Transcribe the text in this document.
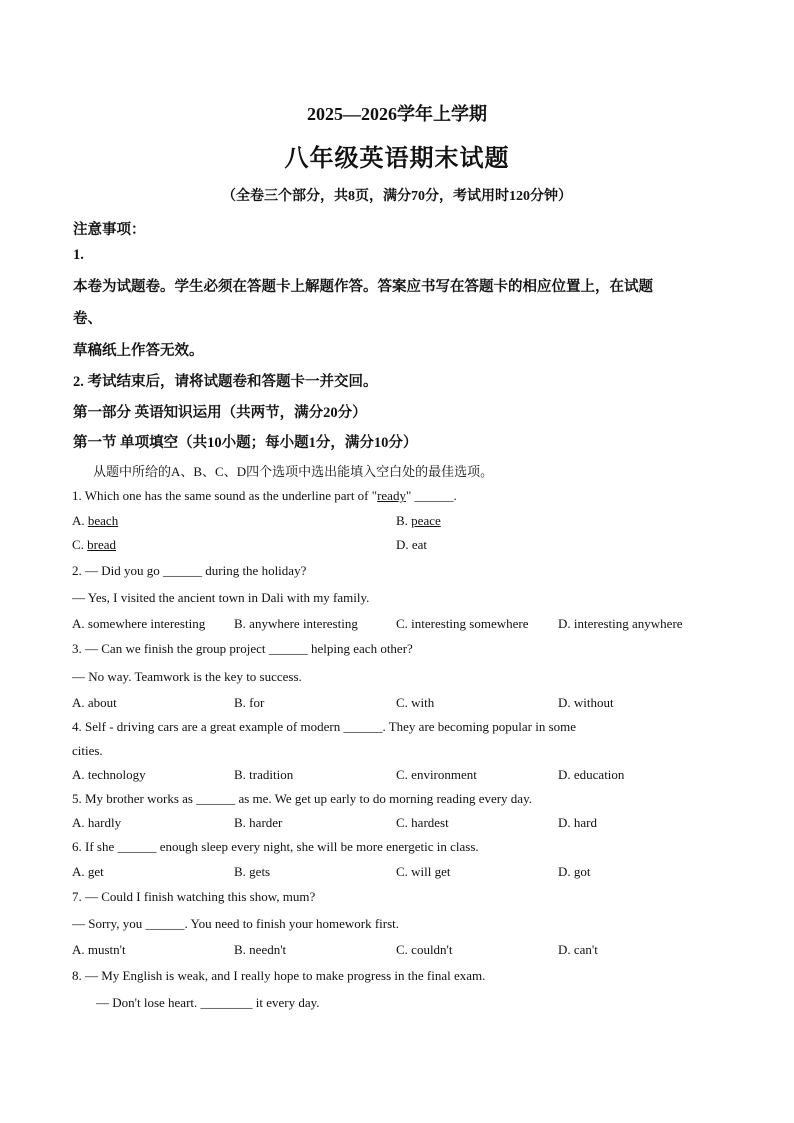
2025—2026学年上学期
八年级英语期末试题
（全卷三个部分，共8页，满分70分，考试用时120分钟）
注意事项：
1.
本卷为试题卷。学生必须在答题卡上解题作答。答案应书写在答题卡的相应位置上，在试题
卷、
草稿纸上作答无效。
2. 考试结束后，请将试题卷和答题卡一并交回。
第一部分 英语知识运用（共两节，满分20分）
第一节 单项填空（共10小题；每小题1分，满分10分）
从题中所给的A、B、C、D四个选项中选出能填入空白处的最佳选项。
1. Which one has the same sound as the underline part of "ready" ______.
A. beach	B. peace
C. bread	D. eat
2. — Did you go ______ during the holiday?
— Yes, I visited the ancient town in Dali with my family.
A. somewhere interesting B. anywhere interesting	C. interesting somewhere D. interesting anywhere
3. — Can we finish the group project ______ helping each other?
— No way. Teamwork is the key to success.
A. about	B. for	C. with	D. without
4. Self - driving cars are a great example of modern ______. They are becoming popular in some
cities.
A. technology	B. tradition	C. environment	D. education
5. My brother works as ______ as me. We get up early to do morning reading every day.
A. hardly	B. harder	C. hardest	D. hard
6. If she ______ enough sleep every night, she will be more energetic in class.
A. get	B. gets	C. will get	D. got
7. — Could I finish watching this show, mum?
— Sorry, you ______. You need to finish your homework first.
A. mustn't	B. needn't	C. couldn't	D. can't
8. — My English is weak, and I really hope to make progress in the final exam.
— Don't lose heart. ________ it every day.
